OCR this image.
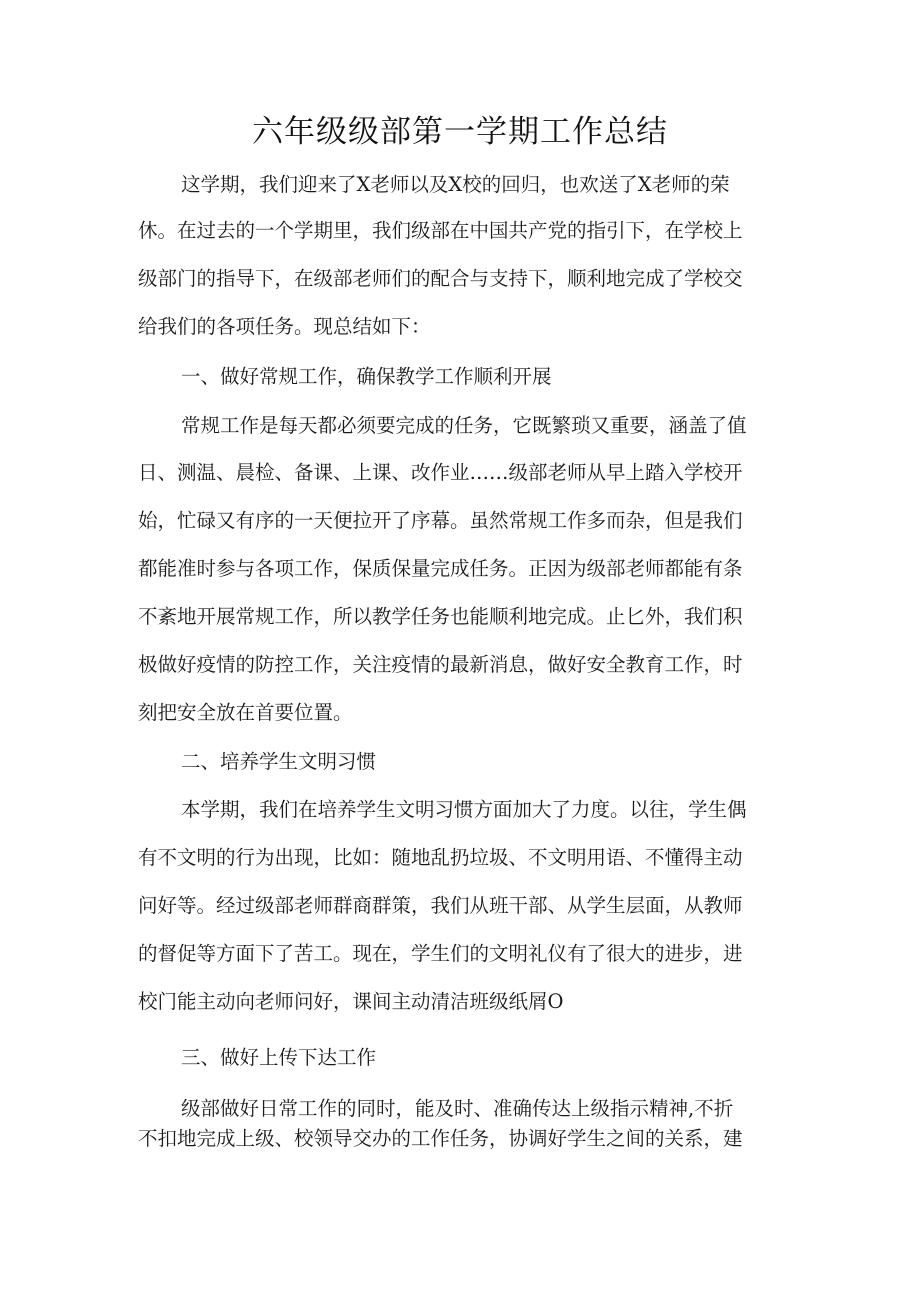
六年级级部第一学期工作总结
这学期，我们迎来了X老师以及X校的回归，也欢送了X老师的荣
休。在过去的一个学期里，我们级部在中国共产党的指引下，在学校上
级部门的指导下，在级部老师们的配合与支持下，顺利地完成了学校交
给我们的各项任务。现总结如下：
一、做好常规工作，确保教学工作顺利开展
常规工作是每天都必须要完成的任务，它既繁琐又重要，涵盖了值
日、测温、晨检、备课、上课、改作业……级部老师从早上踏入学校开
始，忙碌又有序的一天便拉开了序幕。虽然常规工作多而杂，但是我们
都能准时参与各项工作，保质保量完成任务。正因为级部老师都能有条
不紊地开展常规工作，所以教学任务也能顺利地完成。止匕外，我们积
极做好疫情的防控工作，关注疫情的最新消息，做好安全教育工作，时
刻把安全放在首要位置。
二、培养学生文明习惯
本学期，我们在培养学生文明习惯方面加大了力度。以往，学生偶
有不文明的行为出现，比如：随地乱扔垃圾、不文明用语、不懂得主动
问好等。经过级部老师群商群策，我们从班干部、从学生层面，从教师
的督促等方面下了苦工。现在，学生们的文明礼仪有了很大的进步，进
校门能主动向老师问好，课间主动清洁班级纸屑O
三、做好上传下达工作
级部做好日常工作的同时，能及时、准确传达上级指示精神,不折
不扣地完成上级、校领导交办的工作任务，协调好学生之间的关系，建
